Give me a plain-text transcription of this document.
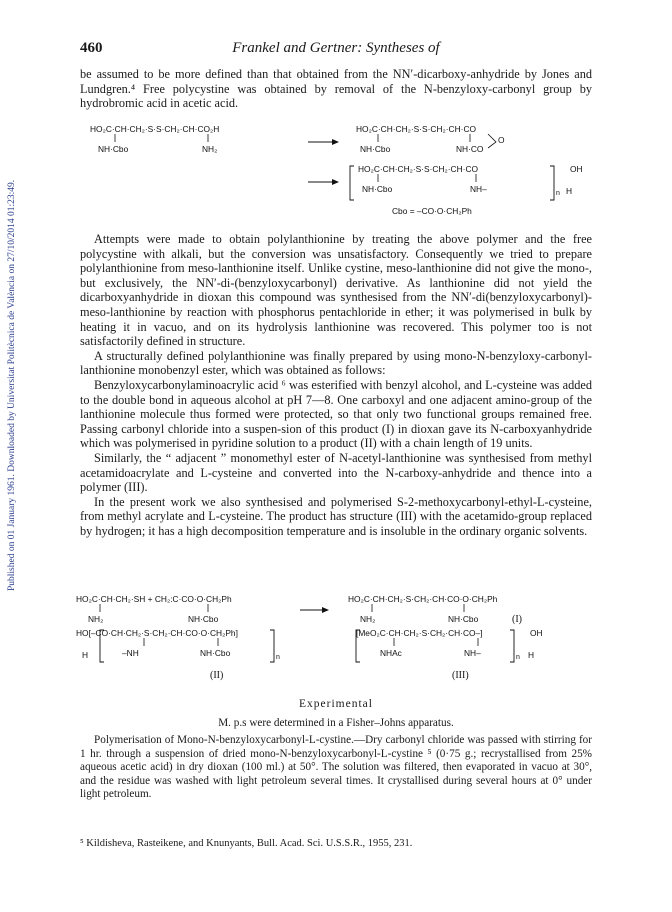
Published on 01 January 1961. Downloaded by Universitat Politècnica de València on 27/10/2014 01:23:49.
460	Frankel and Gertner: Syntheses of

be assumed to be more defined than that obtained from the NN′-dicarboxy-anhydride by Jones and Lundgren.⁴ Free polycystine was obtained by removal of the N-benzyloxy-carbonyl group by hydrobromic acid in acetic acid.

HO₂C·CH·CH₂·S·S·CH₂·CH·CO₂H
NH·Cbo	NH₂
HO₂C·CH·CH₂·S·S·CH₂·CH·CO
O
NH·Cbo	NH·CO
HO₂C·CH·CH₂·S·S·CH₂·CH·CO	OH
NH·Cbo	NH–	n H
Cbo = –CO·O·CH₂Ph

Attempts were made to obtain polylanthionine by treating the above polymer and the free polycystine with alkali, but the conversion was unsatisfactory. Consequently we tried to prepare polylanthionine from meso-lanthionine itself. Unlike cystine, meso-lanthionine did not give the mono-, but exclusively, the NN′-di-(benzyloxycarbonyl) derivative. As lanthionine did not yield the dicarboxyanhydride in dioxan this compound was synthesised from the NN′-di(benzyloxycarbonyl)-meso-lanthionine by reaction with phosphorus pentachloride in ether; it was polymerised in bulk by heating it in vacuo, and on its hydrolysis lanthionine was recovered. This polymer too is not satisfactorily defined in structure.

A structurally defined polylanthionine was finally prepared by using mono-N-benzyloxy-carbonyl-lanthionine monobenzyl ester, which was obtained as follows:

Benzyloxycarbonylaminoacrylic acid ⁶ was esterified with benzyl alcohol, and L-cysteine was added to the double bond in aqueous alcohol at pH 7—8. One carboxyl and one adjacent amino-group of the lanthionine molecule thus formed were protected, so that only two functional groups remained free. Passing carbonyl chloride into a suspen-sion of this product (I) in dioxan gave its N-carboxyanhydride which was polymerised in pyridine solution to a product (II) with a chain length of 19 units.

Similarly, the “ adjacent ” monomethyl ester of N-acetyl-lanthionine was synthesised from methyl acetamidoacrylate and L-cysteine and converted into the N-carboxy-anhydride and thence into a polymer (III).

In the present work we also synthesised and polymerised S-2-methoxycarbonyl-ethyl-L-cysteine, from methyl acrylate and L-cysteine. The product has structure (III) with the acetamido-group replaced by hydrogen; it has a high decomposition temperature and is insoluble in the ordinary organic solvents.

HO₂C·CH·CH₂·SH + CH₂:C·CO·O·CH₂Ph
NH₂	NH·Cbo
HO₂C·CH·CH₂·S·CH₂·CH·CO·O·CH₂Ph
NH₂	NH·Cbo	(I)
HO[–CO·CH·CH₂·S·CH₂·CH·CO·O·CH₂Ph]
H	–NH	NH·Cbo	n
(II)
[MeO₂C·CH·CH₂·S·CH₂·CH·CO–]	OH
NHAc	NH–	n H
(III)
Experimental

M. p.s were determined in a Fisher–Johns apparatus.

Polymerisation of Mono-N-benzyloxycarbonyl-L-cystine.—Dry carbonyl chloride was passed with stirring for 1 hr. through a suspension of dried mono-N-benzyloxycarbonyl-L-cystine ⁵ (0·75 g.; recrystallised from 25% aqueous acetic acid) in dry dioxan (100 ml.) at 50°. The solution was filtered, then evaporated in vacuo at 30°, and the residue was washed with light petroleum several times. It crystallised during several hours at 0° under light petroleum.

⁵ Kildisheva, Rasteikene, and Knunyants, Bull. Acad. Sci. U.S.S.R., 1955, 231.
